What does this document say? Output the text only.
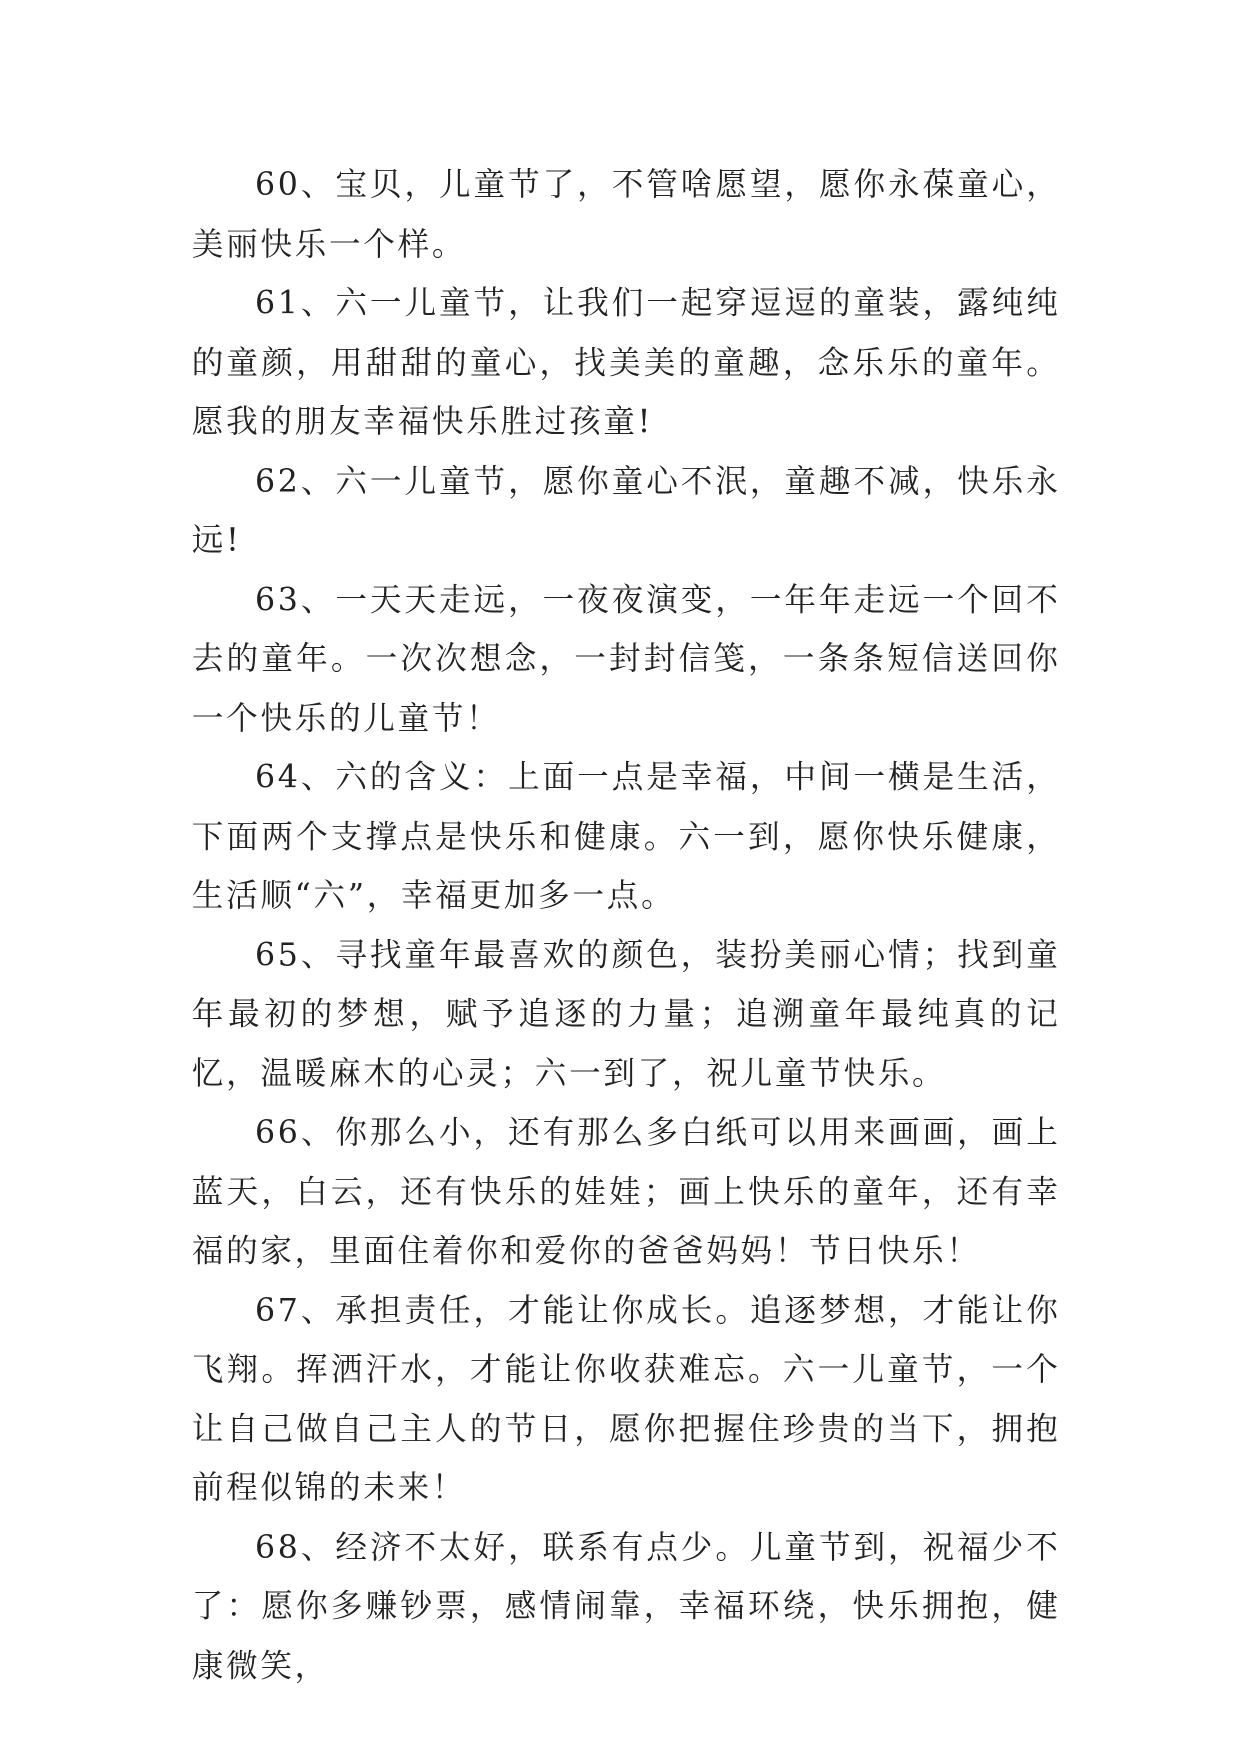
60、宝贝，儿童节了，不管啥愿望，愿你永葆童心，美丽快乐一个样。

61、六一儿童节，让我们一起穿逗逗的童装，露纯纯的童颜，用甜甜的童心，找美美的童趣，念乐乐的童年。愿我的朋友幸福快乐胜过孩童!

62、六一儿童节，愿你童心不泯，童趣不减，快乐永远!

63、一天天走远，一夜夜演变，一年年走远一个回不去的童年。一次次想念，一封封信笺，一条条短信送回你一个快乐的儿童节！

64、六的含义：上面一点是幸福，中间一横是生活，下面两个支撑点是快乐和健康。六一到，愿你快乐健康，生活顺“六”，幸福更加多一点。

65、寻找童年最喜欢的颜色，装扮美丽心情；找到童年最初的梦想，赋予追逐的力量；追溯童年最纯真的记忆，温暖麻木的心灵；六一到了，祝儿童节快乐。

66、你那么小，还有那么多白纸可以用来画画，画上蓝天，白云，还有快乐的娃娃；画上快乐的童年，还有幸福的家，里面住着你和爱你的爸爸妈妈！节日快乐！

67、承担责任，才能让你成长。追逐梦想，才能让你飞翔。挥洒汗水，才能让你收获难忘。六一儿童节，一个让自己做自己主人的节日，愿你把握住珍贵的当下，拥抱前程似锦的未来！

68、经济不太好，联系有点少。儿童节到，祝福少不了：愿你多赚钞票，感情闹靠，幸福环绕，快乐拥抱，健康微笑，
